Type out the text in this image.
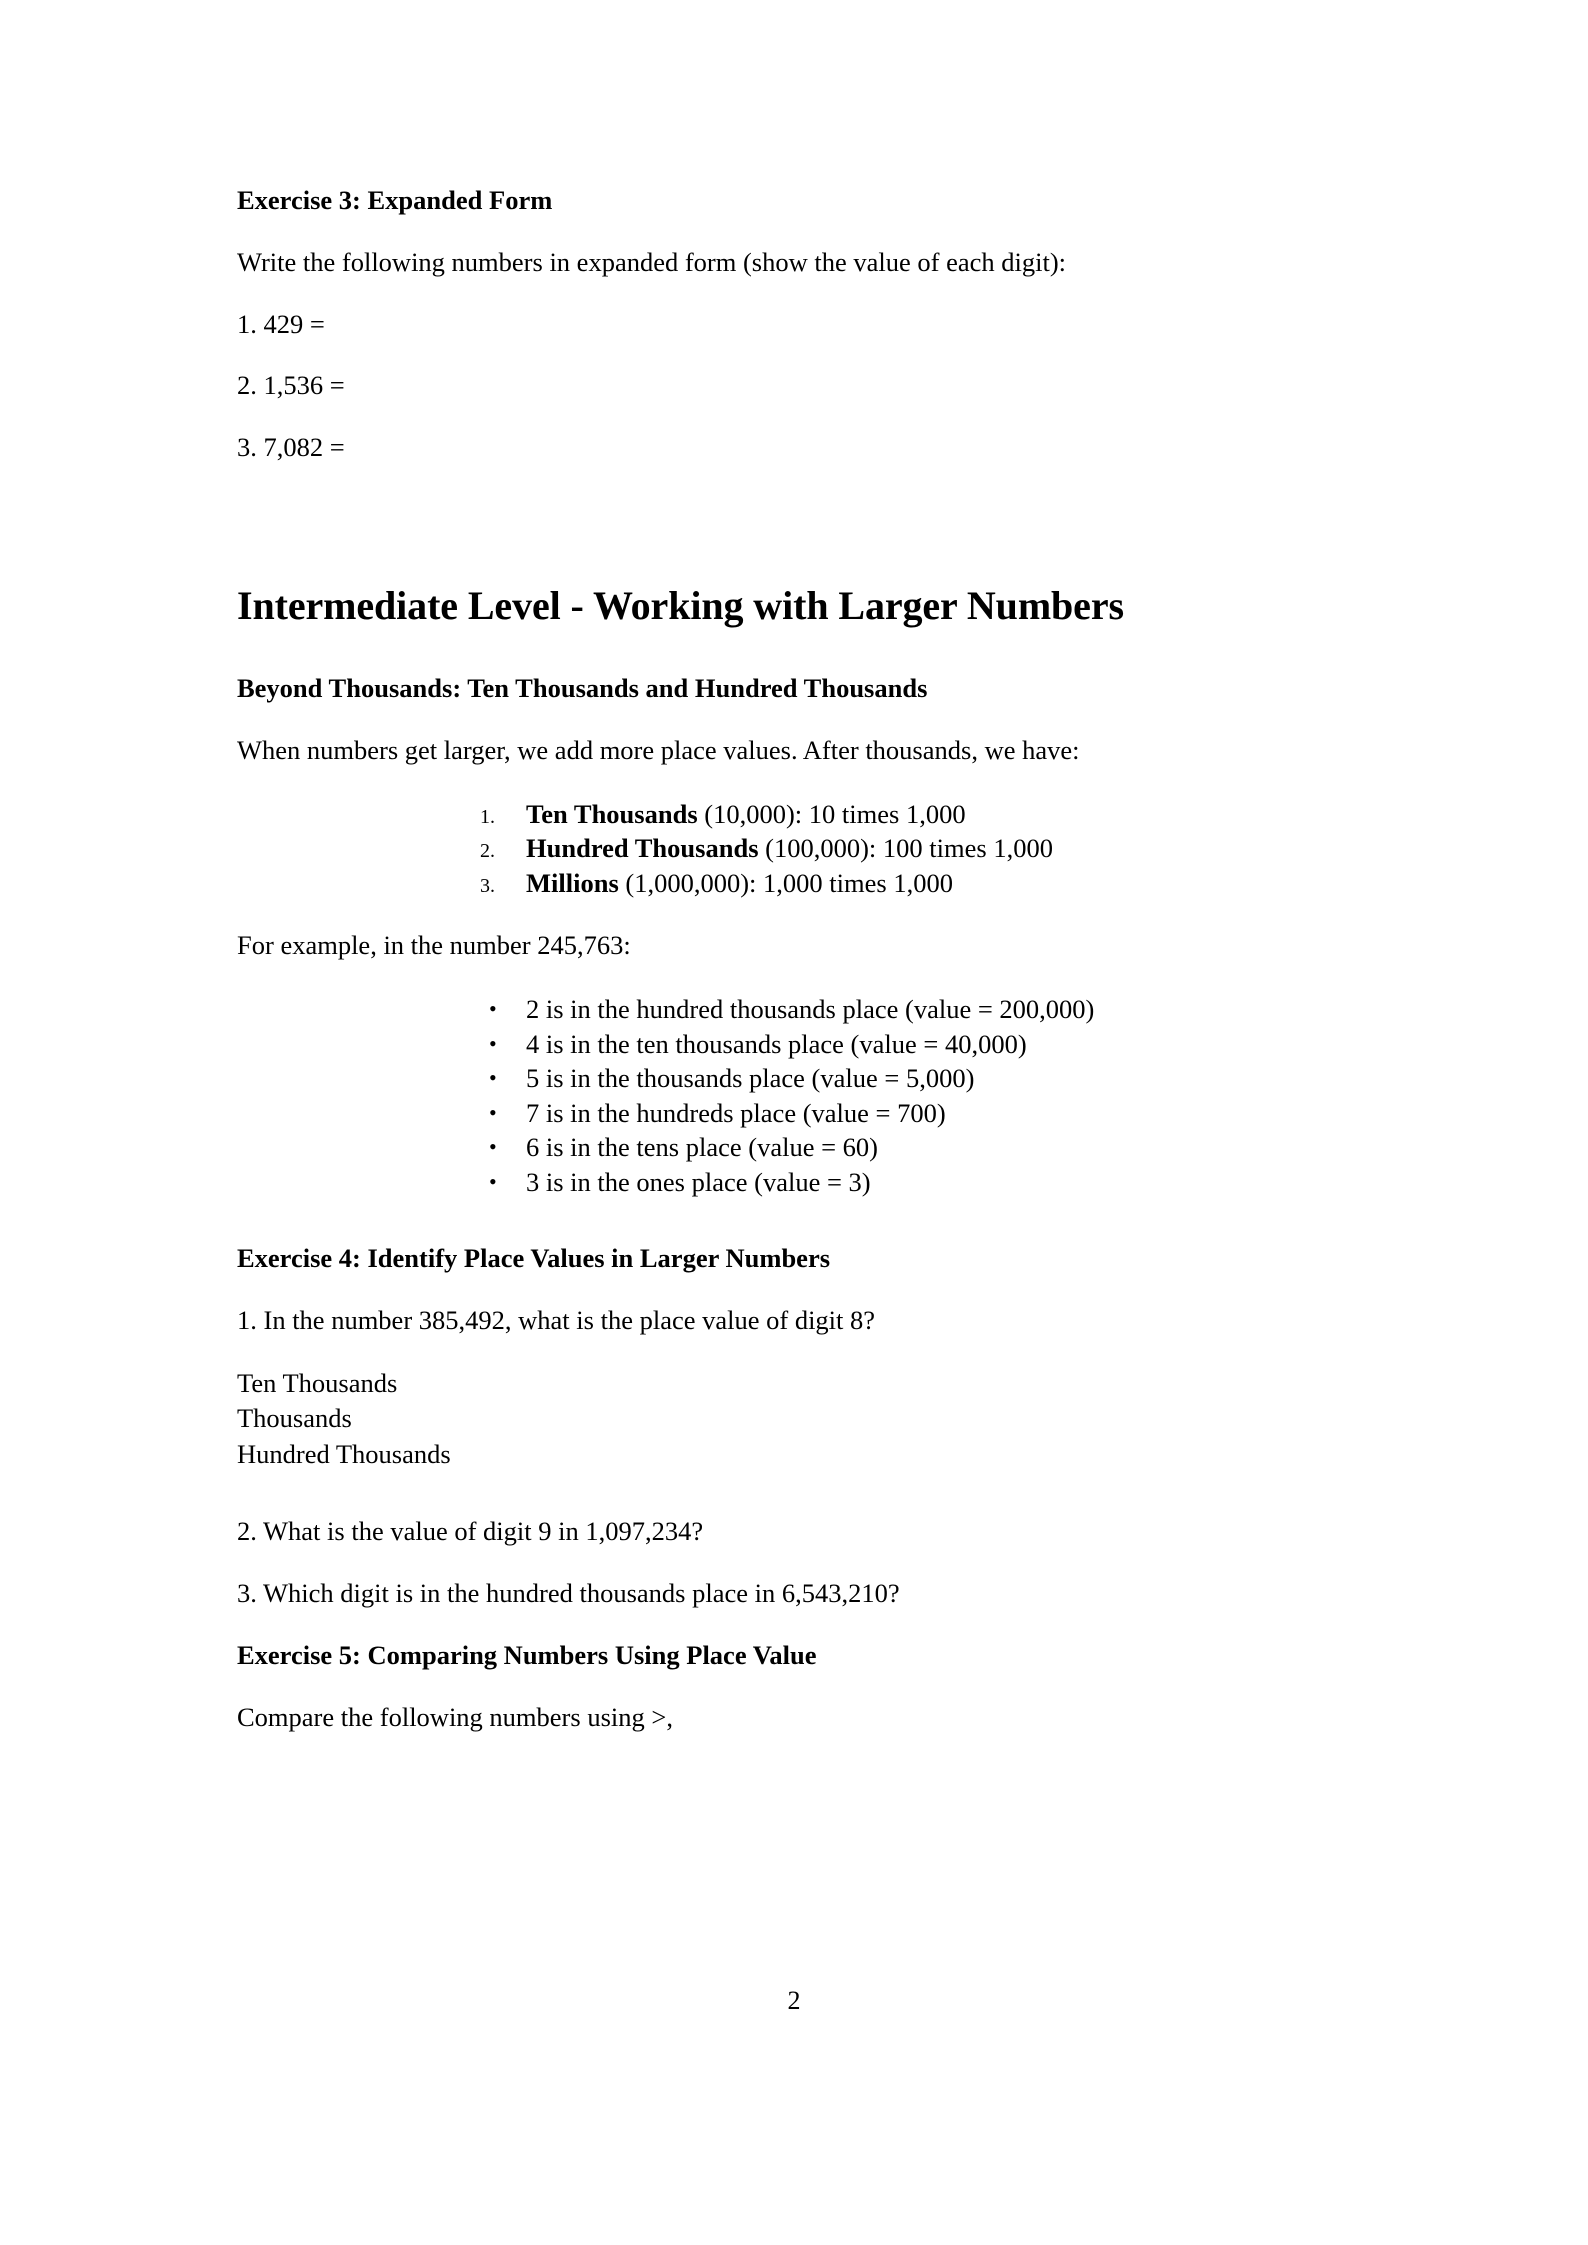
Exercise 3: Expanded Form

Write the following numbers in expanded form (show the value of each digit):

1. 429 =

2. 1,536 =

3. 7,082 =

Intermediate Level - Working with Larger Numbers
Beyond Thousands: Ten Thousands and Hundred Thousands

When numbers get larger, we add more place values. After thousands, we have:

1.	Ten Thousands (10,000): 10 times 1,000
2.	Hundred Thousands (100,000): 100 times 1,000
3.	Millions (1,000,000): 1,000 times 1,000

For example, in the number 245,763:

• 2 is in the hundred thousands place (value = 200,000)
• 4 is in the ten thousands place (value = 40,000)
• 5 is in the thousands place (value = 5,000)
• 7 is in the hundreds place (value = 700)
• 6 is in the tens place (value = 60)
• 3 is in the ones place (value = 3)
Exercise 4: Identify Place Values in Larger Numbers

1. In the number 385,492, what is the place value of digit 8?

Ten Thousands
Thousands
Hundred Thousands

2. What is the value of digit 9 in 1,097,234?

3. Which digit is in the hundred thousands place in 6,543,210?

Exercise 5: Comparing Numbers Using Place Value

Compare the following numbers using >,

2
